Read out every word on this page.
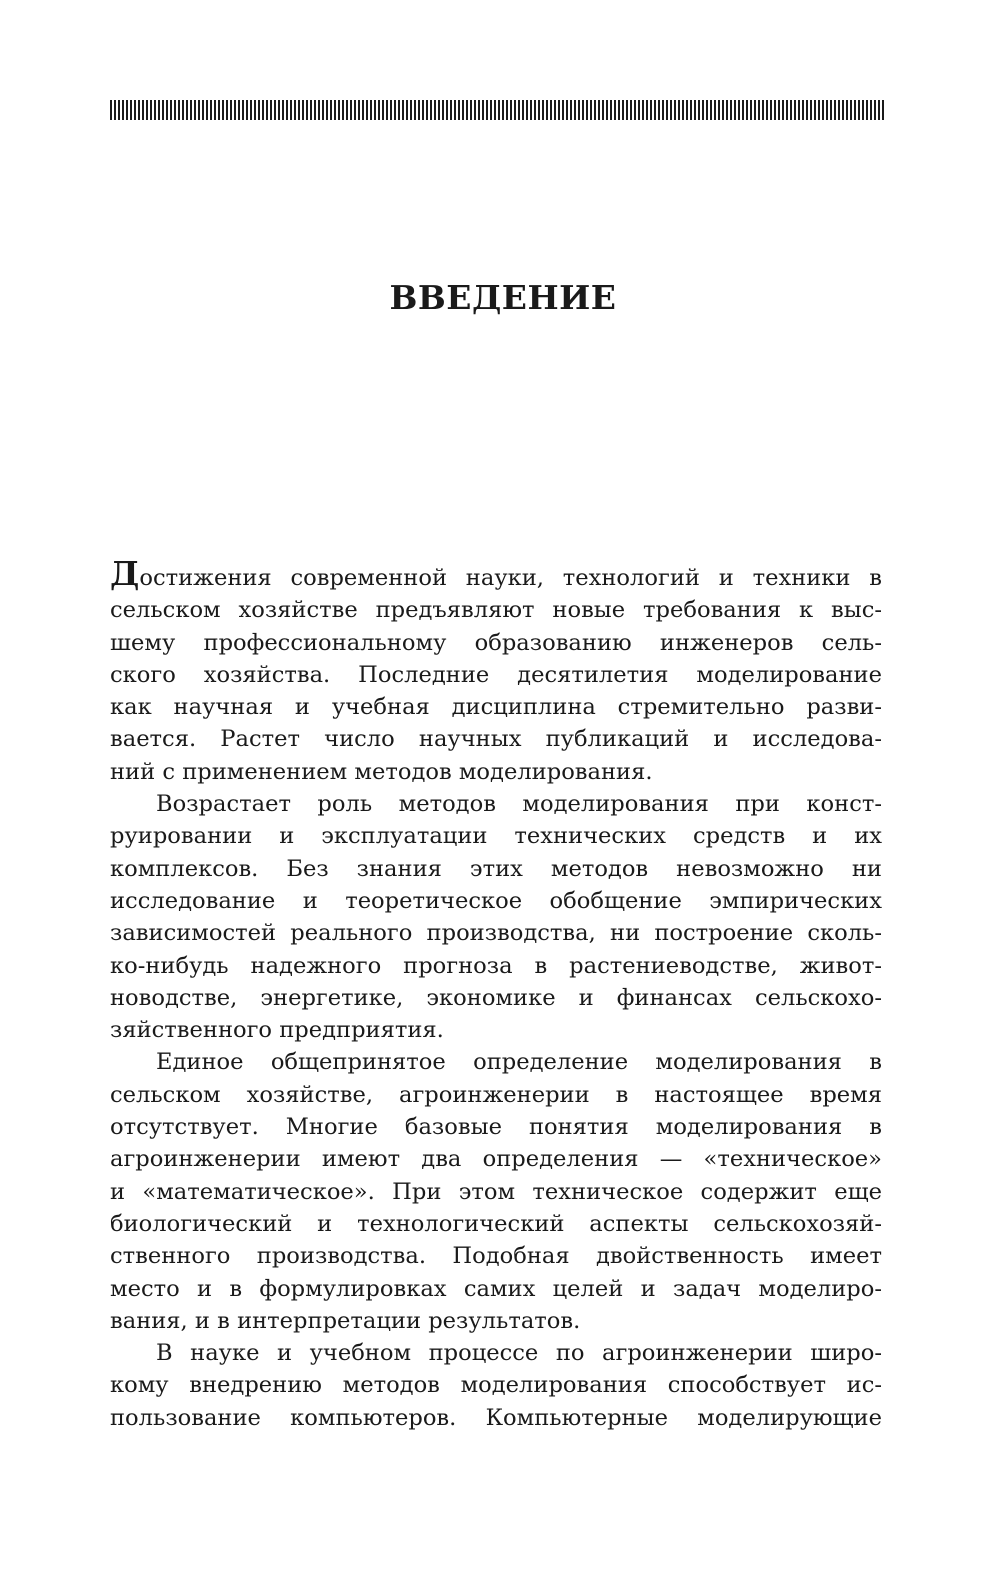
ВВЕДЕНИЕ

Достижения современной науки, технологий и техники в
сельском хозяйстве предъявляют новые требования к выс-
шему профессиональному образованию инженеров сель-
ского хозяйства. Последние десятилетия моделирование
как научная и учебная дисциплина стремительно разви-
вается. Растет число научных публикаций и исследова-
ний с применением методов моделирования.

Возрастает роль методов моделирования при конст-
руировании и эксплуатации технических средств и их
комплексов. Без знания этих методов невозможно ни
исследование и теоретическое обобщение эмпирических
зависимостей реального производства, ни построение сколь-
ко-нибудь надежного прогноза в растениеводстве, живот-
новодстве, энергетике, экономике и финансах сельскохо-
зяйственного предприятия.

Единое общепринятое определение моделирования в
сельском хозяйстве, агроинженерии в настоящее время
отсутствует. Многие базовые понятия моделирования в
агроинженерии имеют два определения — «техническое»
и «математическое». При этом техническое содержит еще
биологический и технологический аспекты сельскохозяй-
ственного производства. Подобная двойственность имеет
место и в формулировках самих целей и задач моделиро-
вания, и в интерпретации результатов.

В науке и учебном процессе по агроинженерии широ-
кому внедрению методов моделирования способствует ис-
пользование компьютеров. Компьютерные моделирующие
